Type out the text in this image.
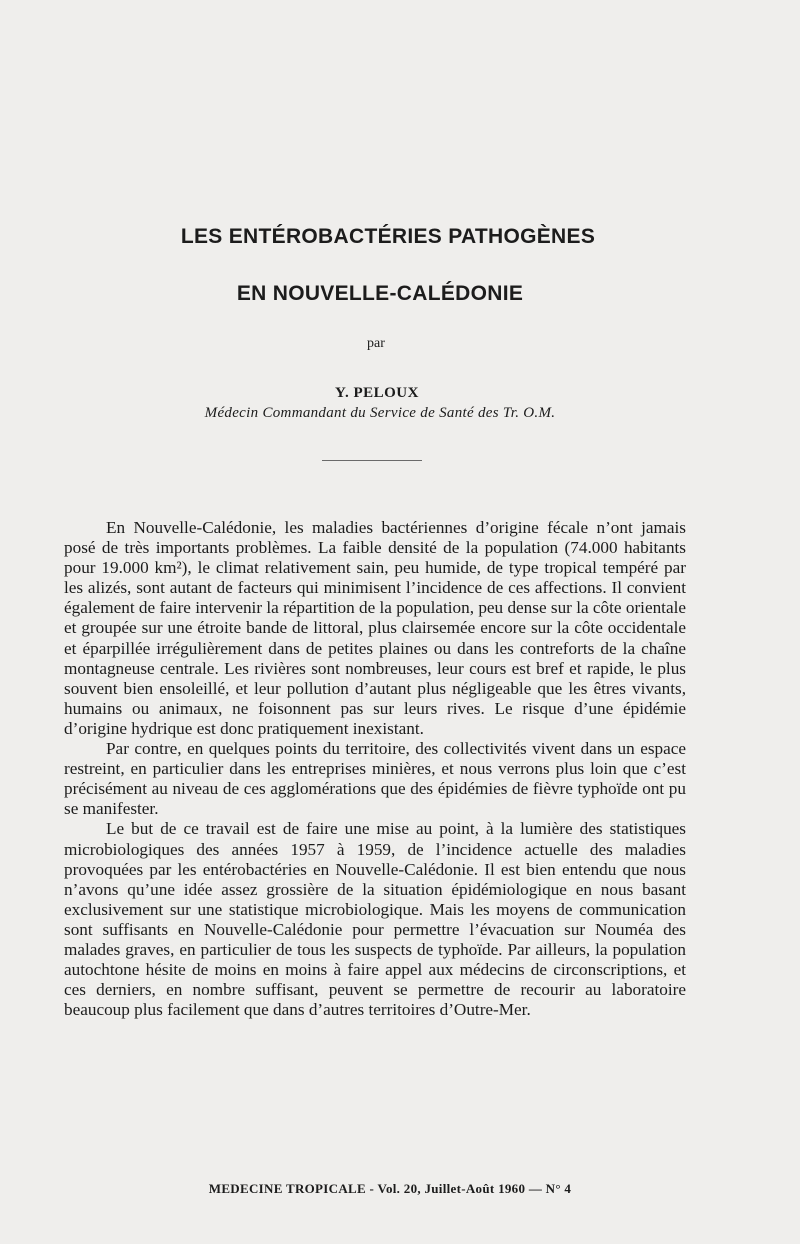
LES ENTÉROBACTÉRIES PATHOGÈNES
EN NOUVELLE-CALÉDONIE
par
Y. PELOUX
Médecin Commandant du Service de Santé des Tr. O.M.

En Nouvelle-Calédonie, les maladies bactériennes d’origine fécale n’ont jamais posé de très importants problèmes. La faible densité de la population (74.000 habitants pour 19.000 km²), le climat relativement sain, peu humide, de type tropical tempéré par les alizés, sont autant de facteurs qui minimisent l’incidence de ces affections. Il convient également de faire intervenir la répartition de la population, peu dense sur la côte orientale et groupée sur une étroite bande de littoral, plus clairsemée encore sur la côte occidentale et éparpillée irrégulièrement dans de petites plaines ou dans les contreforts de la chaîne montagneuse centrale. Les rivières sont nombreuses, leur cours est bref et rapide, le plus souvent bien ensoleillé, et leur pollution d’autant plus négligeable que les êtres vivants, humains ou animaux, ne foisonnent pas sur leurs rives. Le risque d’une épidémie d’origine hydrique est donc pratiquement inexistant.

Par contre, en quelques points du territoire, des collectivités vivent dans un espace restreint, en particulier dans les entreprises minières, et nous verrons plus loin que c’est précisément au niveau de ces agglomérations que des épidémies de fièvre typhoïde ont pu se manifester.

Le but de ce travail est de faire une mise au point, à la lumière des statistiques microbiologiques des années 1957 à 1959, de l’incidence actuelle des maladies provoquées par les entérobactéries en Nouvelle-Calédonie. Il est bien entendu que nous n’avons qu’une idée assez grossière de la situation épidémiologique en nous basant exclusivement sur une statistique microbiologique. Mais les moyens de communication sont suffisants en Nouvelle-Calédonie pour permettre l’évacuation sur Nouméa des malades graves, en particulier de tous les suspects de typhoïde. Par ailleurs, la population autochtone hésite de moins en moins à faire appel aux médecins de circonscriptions, et ces derniers, en nombre suffisant, peuvent se permettre de recourir au laboratoire beaucoup plus facilement que dans d’autres territoires d’Outre-Mer.

MEDECINE TROPICALE - Vol. 20, Juillet-Août 1960 — N° 4
